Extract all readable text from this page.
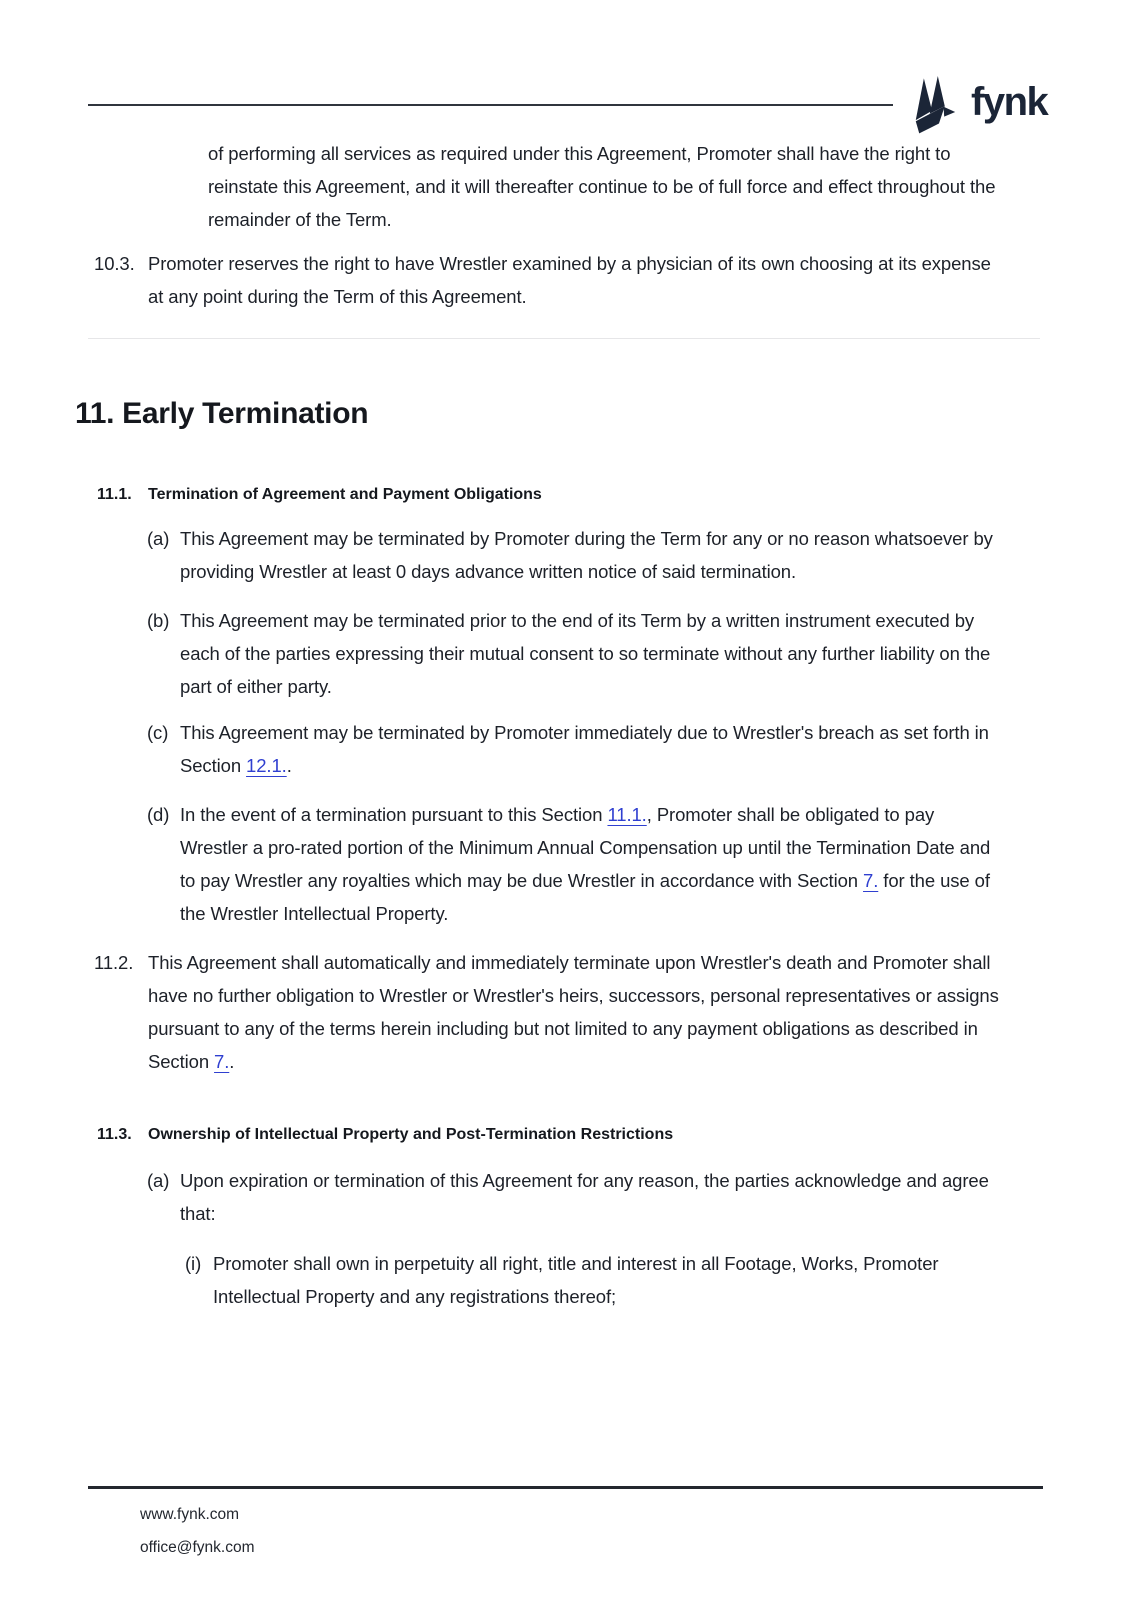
fynk

of performing all services as required under this Agreement, Promoter shall have the right to reinstate this Agreement, and it will thereafter continue to be of full force and effect throughout the remainder of the Term.

10.3. Promoter reserves the right to have Wrestler examined by a physician of its own choosing at its expense at any point during the Term of this Agreement.
11. Early Termination
11.1.	Termination of Agreement and Payment Obligations
(a) This Agreement may be terminated by Promoter during the Term for any or no reason whatsoever by providing Wrestler at least 0 days advance written notice of said termination.
(b) This Agreement may be terminated prior to the end of its Term by a written instrument executed by each of the parties expressing their mutual consent to so terminate without any further liability on the part of either party.
(c) This Agreement may be terminated by Promoter immediately due to Wrestler's breach as set forth in Section 12.1..
(d) In the event of a termination pursuant to this Section 11.1., Promoter shall be obligated to pay Wrestler a pro-rated portion of the Minimum Annual Compensation up until the Termination Date and to pay Wrestler any royalties which may be due Wrestler in accordance with Section 7. for the use of the Wrestler Intellectual Property.
11.2. This Agreement shall automatically and immediately terminate upon Wrestler's death and Promoter shall have no further obligation to Wrestler or Wrestler's heirs, successors, personal representatives or assigns pursuant to any of the terms herein including but not limited to any payment obligations as described in Section 7..
11.3.	Ownership of Intellectual Property and Post-Termination Restrictions
(a) Upon expiration or termination of this Agreement for any reason, the parties acknowledge and agree that:
(i) Promoter shall own in perpetuity all right, title and interest in all Footage, Works, Promoter Intellectual Property and any registrations thereof;
www.fynk.com
office@fynk.com
